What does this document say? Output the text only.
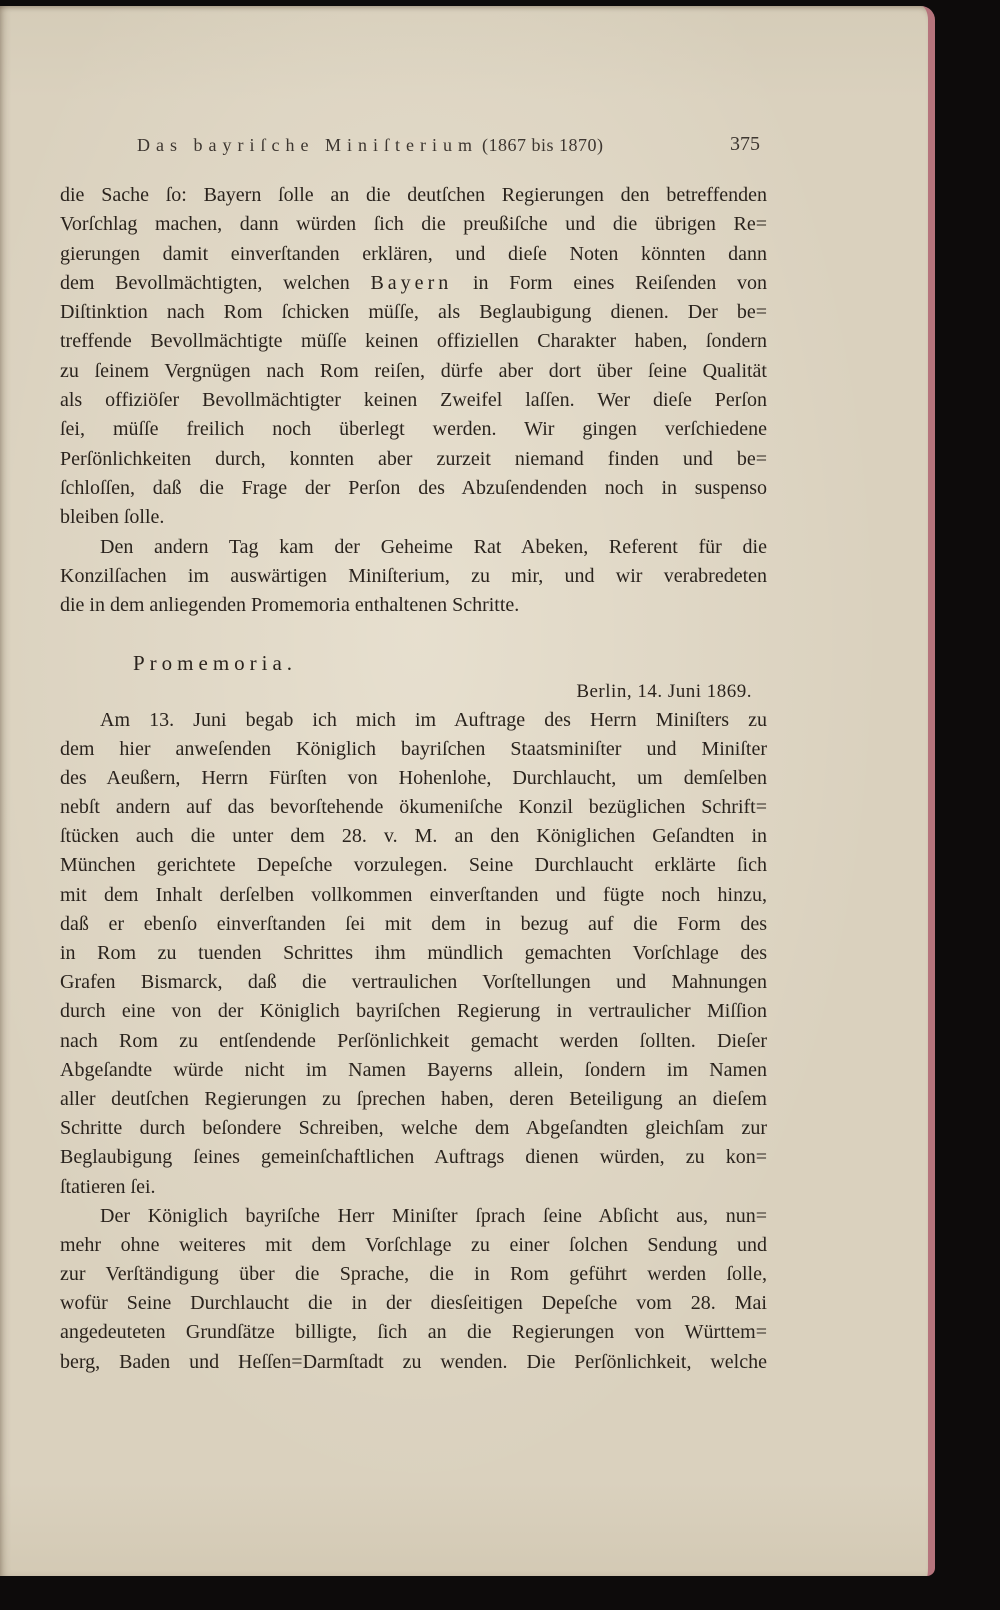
Das bayriſche Miniſterium (1867 bis 1870)	375
die Sache ſo: Bayern ſolle an die deutſchen Regierungen den betreffenden
Vorſchlag machen, dann würden ſich die preußiſche und die übrigen Re=
gierungen damit einverſtanden erklären, und dieſe Noten könnten dann
dem Bevollmächtigten, welchen Bayern in Form eines Reiſenden von
Diſtinktion nach Rom ſchicken müſſe, als Beglaubigung dienen. Der be=
treffende Bevollmächtigte müſſe keinen offiziellen Charakter haben, ſondern
zu ſeinem Vergnügen nach Rom reiſen, dürfe aber dort über ſeine Qualität
als offiziöſer Bevollmächtigter keinen Zweifel laſſen. Wer dieſe Perſon
ſei, müſſe freilich noch überlegt werden. Wir gingen verſchiedene
Perſönlichkeiten durch, konnten aber zurzeit niemand finden und be=
ſchloſſen, daß die Frage der Perſon des Abzuſendenden noch in suspenso
bleiben ſolle.
Den andern Tag kam der Geheime Rat Abeken, Referent für die
Konzilſachen im auswärtigen Miniſterium, zu mir, und wir verabredeten
die in dem anliegenden Promemoria enthaltenen Schritte.
Promemoria.
Berlin, 14. Juni 1869.
Am 13. Juni begab ich mich im Auftrage des Herrn Miniſters zu
dem hier anweſenden Königlich bayriſchen Staatsminiſter und Miniſter
des Aeußern, Herrn Fürſten von Hohenlohe, Durchlaucht, um demſelben
nebſt andern auf das bevorſtehende ökumeniſche Konzil bezüglichen Schrift=
ſtücken auch die unter dem 28. v. M. an den Königlichen Geſandten in
München gerichtete Depeſche vorzulegen. Seine Durchlaucht erklärte ſich
mit dem Inhalt derſelben vollkommen einverſtanden und fügte noch hinzu,
daß er ebenſo einverſtanden ſei mit dem in bezug auf die Form des
in Rom zu tuenden Schrittes ihm mündlich gemachten Vorſchlage des
Grafen Bismarck, daß die vertraulichen Vorſtellungen und Mahnungen
durch eine von der Königlich bayriſchen Regierung in vertraulicher Miſſion
nach Rom zu entſendende Perſönlichkeit gemacht werden ſollten. Dieſer
Abgeſandte würde nicht im Namen Bayerns allein, ſondern im Namen
aller deutſchen Regierungen zu ſprechen haben, deren Beteiligung an dieſem
Schritte durch beſondere Schreiben, welche dem Abgeſandten gleichſam zur
Beglaubigung ſeines gemeinſchaftlichen Auftrags dienen würden, zu kon=
ſtatieren ſei.
Der Königlich bayriſche Herr Miniſter ſprach ſeine Abſicht aus, nun=
mehr ohne weiteres mit dem Vorſchlage zu einer ſolchen Sendung und
zur Verſtändigung über die Sprache, die in Rom geführt werden ſolle,
wofür Seine Durchlaucht die in der diesſeitigen Depeſche vom 28. Mai
angedeuteten Grundſätze billigte, ſich an die Regierungen von Württem=
berg, Baden und Heſſen=Darmſtadt zu wenden. Die Perſönlichkeit, welche
